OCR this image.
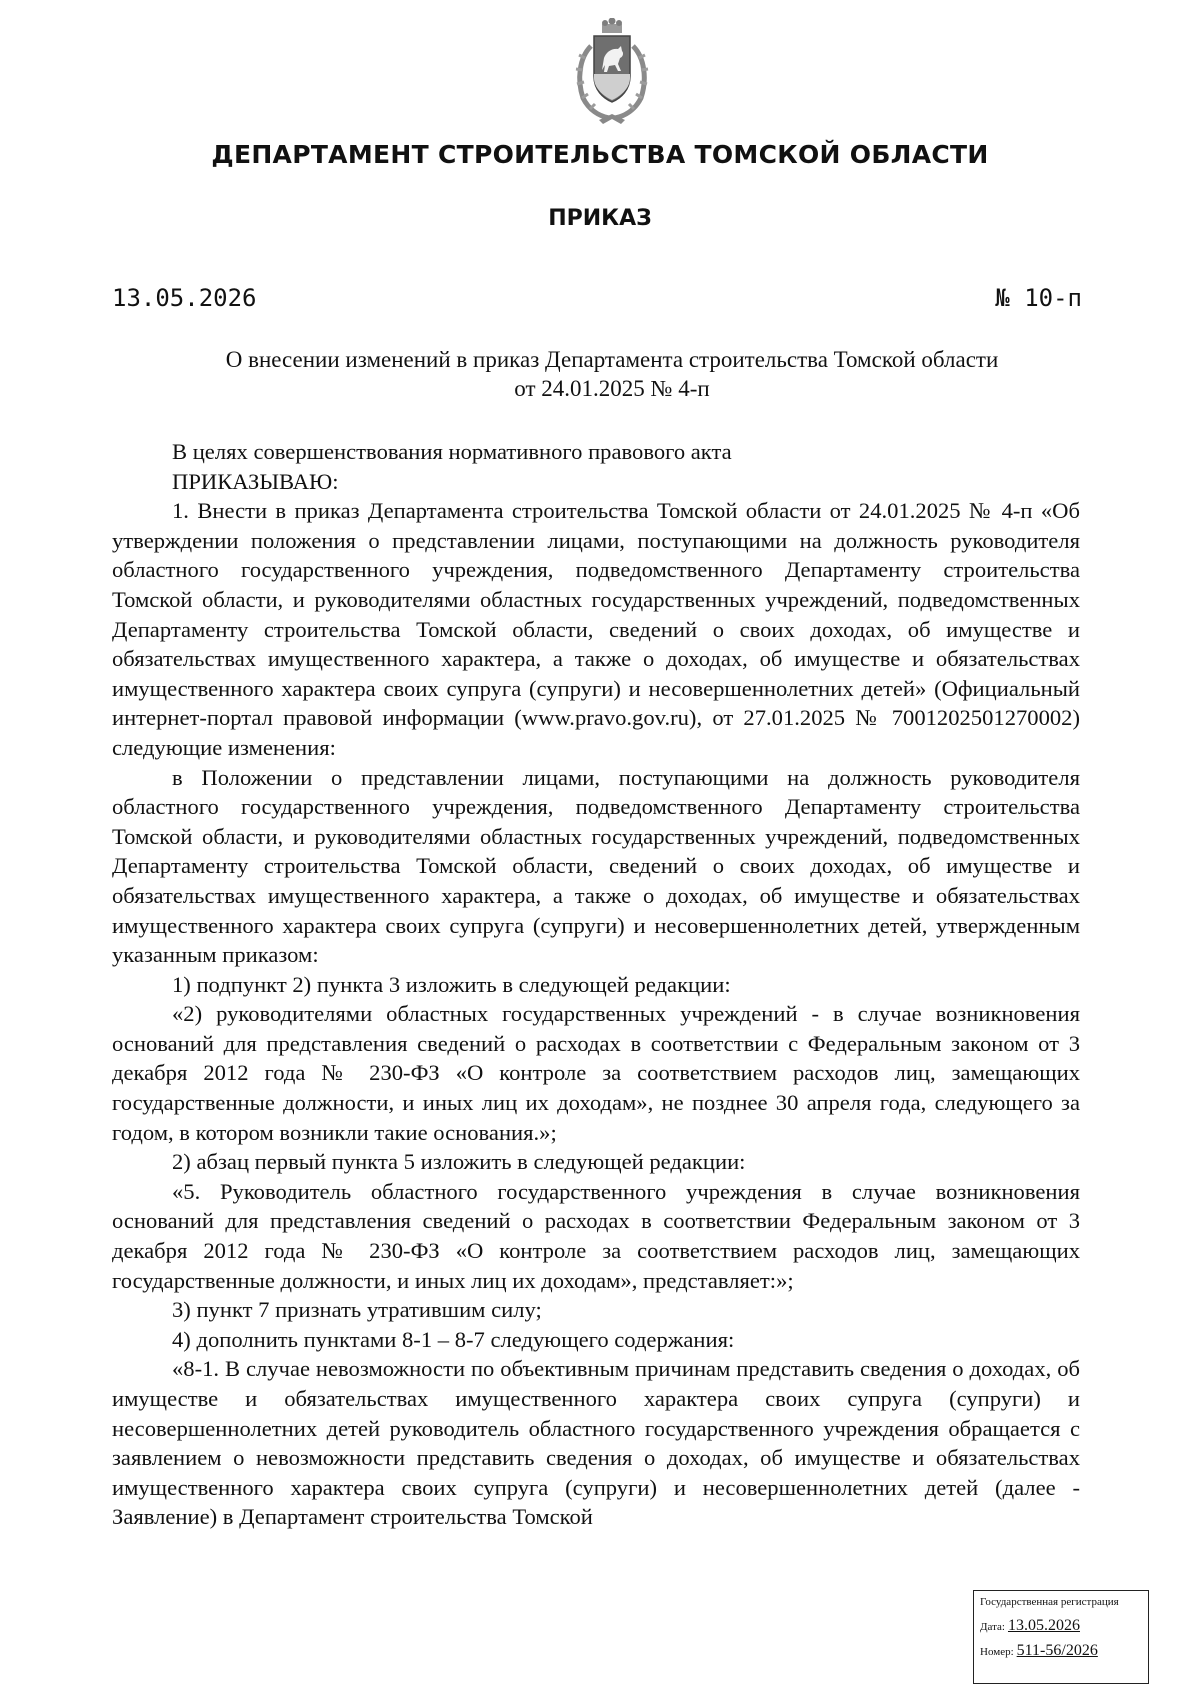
ДЕПАРТАМЕНТ СТРОИТЕЛЬСТВА ТОМСКОЙ ОБЛАСТИ
ПРИКАЗ
13.05.2026	№ 10-п
О внесении изменений в приказ Департамента строительства Томской области
от 24.01.2025 № 4-п

В целях совершенствования нормативного правового акта

ПРИКАЗЫВАЮ:

1. Внести в приказ Департамента строительства Томской области от 24.01.2025 № 4-п «Об утверждении положения о представлении лицами, поступающими на должность руководителя областного государственного учреждения, подведомственного Департаменту строительства Томской области, и руководителями областных государственных учреждений, подведомственных Департаменту строительства Томской области, сведений о своих доходах, об имуществе и обязательствах имущественного характера, а также о доходах, об имуществе и обязательствах имущественного характера своих супруга (супруги) и несовершеннолетних детей» (Официальный интернет-портал правовой информации (www.pravo.gov.ru), от 27.01.2025 № 7001202501270002) следующие изменения:

в Положении о представлении лицами, поступающими на должность руководителя областного государственного учреждения, подведомственного Департаменту строительства Томской области, и руководителями областных государственных учреждений, подведомственных Департаменту строительства Томской области, сведений о своих доходах, об имуществе и обязательствах имущественного характера, а также о доходах, об имуществе и обязательствах имущественного характера своих супруга (супруги) и несовершеннолетних детей, утвержденным указанным приказом:

1) подпункт 2) пункта 3 изложить в следующей редакции:

«2) руководителями областных государственных учреждений - в случае возникновения оснований для представления сведений о расходах в соответствии с Федеральным законом от 3 декабря 2012 года № 230-ФЗ «О контроле за соответствием расходов лиц, замещающих государственные должности, и иных лиц их доходам», не позднее 30 апреля года, следующего за годом, в котором возникли такие основания.»;

2) абзац первый пункта 5 изложить в следующей редакции:

«5. Руководитель областного государственного учреждения в случае возникновения оснований для представления сведений о расходах в соответствии Федеральным законом от 3 декабря 2012 года № 230-ФЗ «О контроле за соответствием расходов лиц, замещающих государственные должности, и иных лиц их доходам», представляет:»;

3) пункт 7 признать утратившим силу;

4) дополнить пунктами 8-1 – 8-7 следующего содержания:

«8-1. В случае невозможности по объективным причинам представить сведения о доходах, об имуществе и обязательствах имущественного характера своих супруга (супруги) и несовершеннолетних детей руководитель областного государственного учреждения обращается с заявлением о невозможности представить сведения о доходах, об имуществе и обязательствах имущественного характера своих супруга (супруги) и несовершеннолетних детей (далее - Заявление) в Департамент строительства Томской

Государственная регистрация
Дата: 13.05.2026
Номер: 511-56/2026
